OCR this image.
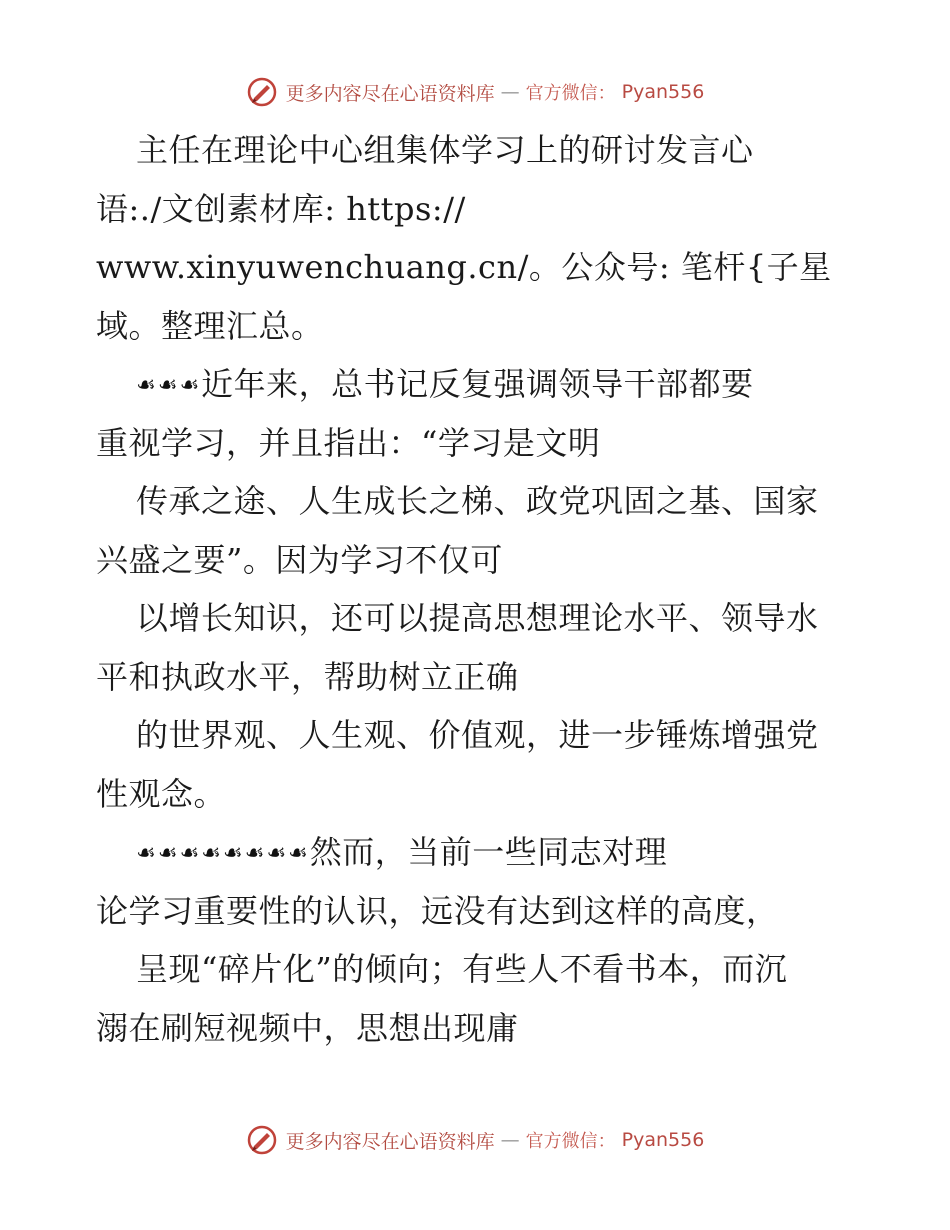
更多内容尽在心语资料库 — 官方微信： Pyan556
主任在理论中心组集体学习上的研讨发言心
语:./文创素材库: https://
www.xinyuwenchuang.cn/。公众号: 笔杆{子星
域。整理汇总。
☙☙☙近年来，总书记反复强调领导干部都要
重视学习，并且指出：“学习是文明
传承之途、人生成长之梯、政党巩固之基、国家
兴盛之要”。因为学习不仅可
以增长知识，还可以提高思想理论水平、领导水
平和执政水平，帮助树立正确
的世界观、人生观、价值观，进一步锤炼增强党
性观念。
☙☙☙☙☙☙☙☙然而，当前一些同志对理
论学习重要性的认识，远没有达到这样的高度，
呈现“碎片化”的倾向；有些人不看书本，而沉
溺在刷短视频中，思想出现庸
更多内容尽在心语资料库 — 官方微信： Pyan556
